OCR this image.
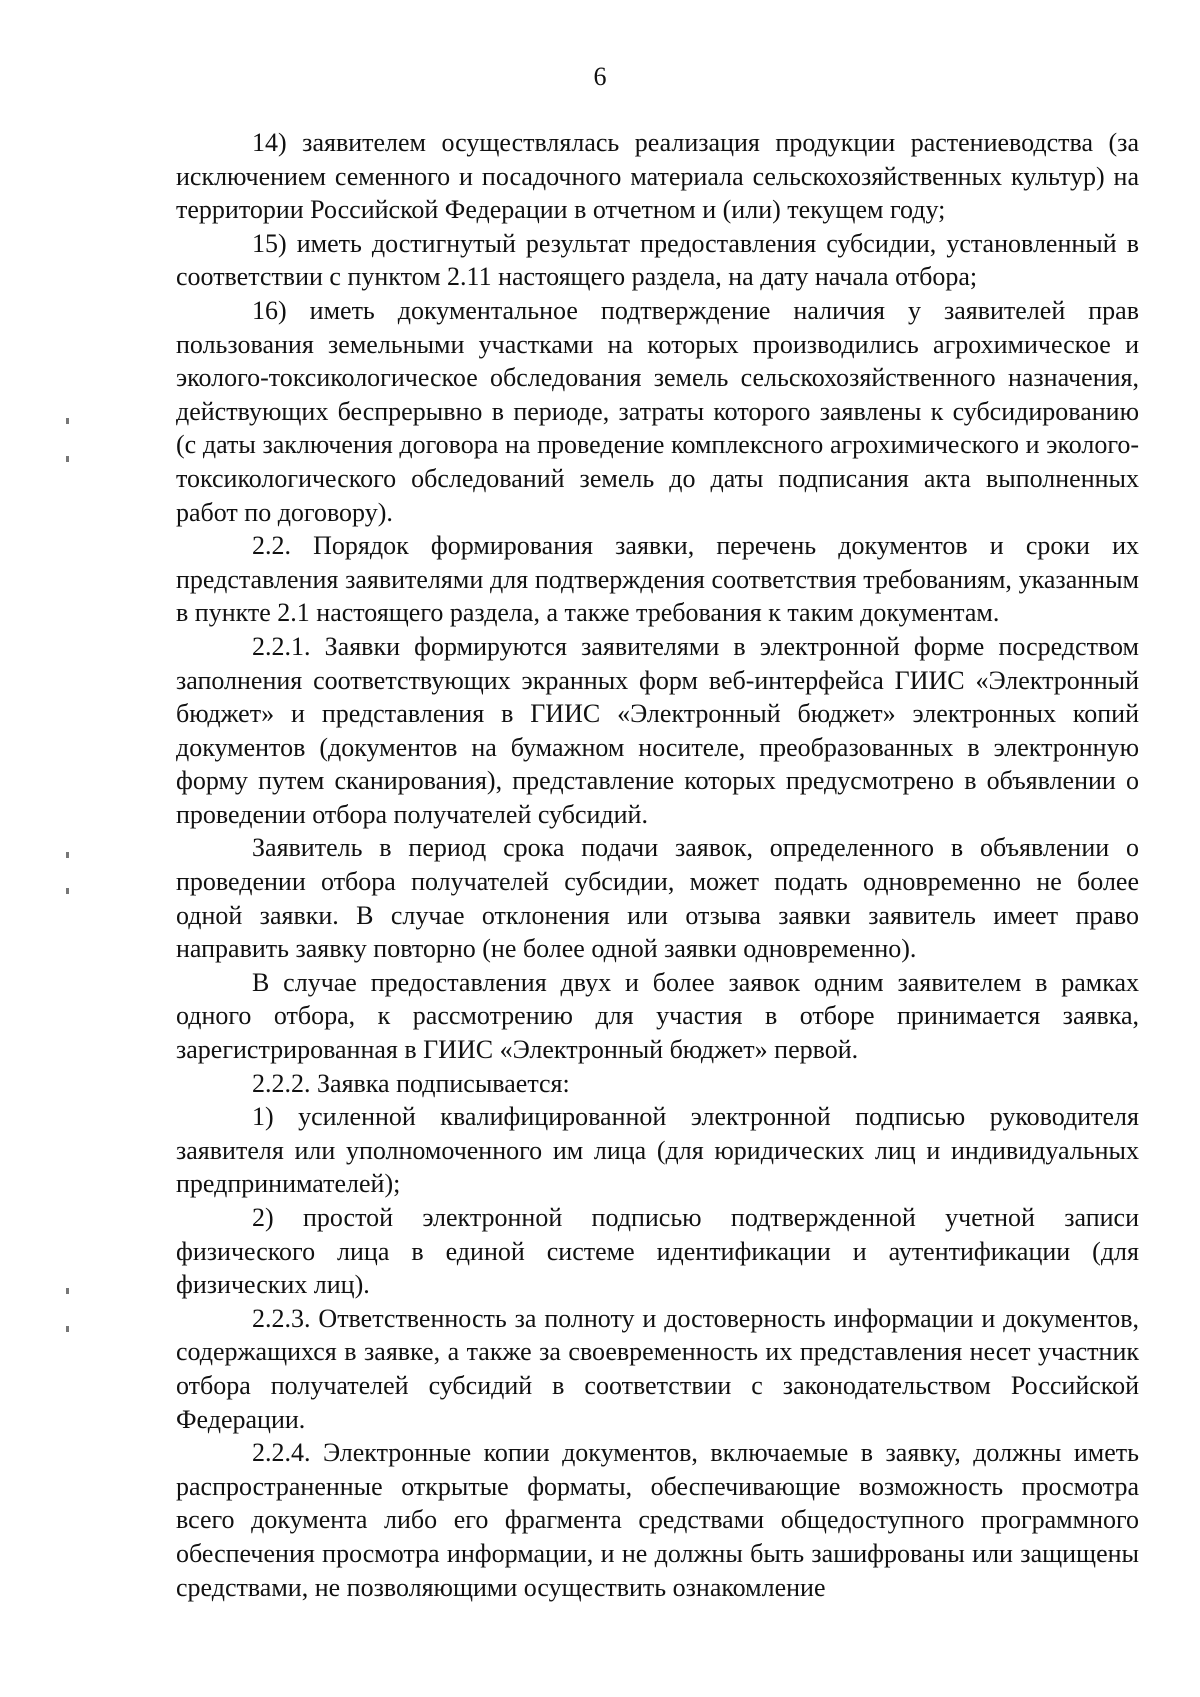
6

14) заявителем осуществлялась реализация продукции растениеводства (за исключением семенного и посадочного материала сельскохозяйственных культур) на территории Российской Федерации в отчетном и (или) текущем году;

15) иметь достигнутый результат предоставления субсидии, установленный в соответствии с пунктом 2.11 настоящего раздела, на дату начала отбора;

16) иметь документальное подтверждение наличия у заявителей прав пользования земельными участками на которых производились агрохимическое и эколого-токсикологическое обследования земель сельскохозяйственного назначения, действующих беспрерывно в периоде, затраты которого заявлены к субсидированию (с даты заключения договора на проведение комплексного агрохимического и эколого-токсикологического обследований земель до даты подписания акта выполненных работ по договору).

2.2. Порядок формирования заявки, перечень документов и сроки их представления заявителями для подтверждения соответствия требованиям, указанным в пункте 2.1 настоящего раздела, а также требования к таким документам.

2.2.1. Заявки формируются заявителями в электронной форме посредством заполнения соответствующих экранных форм веб-интерфейса ГИИС «Электронный бюджет» и представления в ГИИС «Электронный бюджет» электронных копий документов (документов на бумажном носителе, преобразованных в электронную форму путем сканирования), представление которых предусмотрено в объявлении о проведении отбора получателей субсидий.

Заявитель в период срока подачи заявок, определенного в объявлении о проведении отбора получателей субсидии, может подать одновременно не более одной заявки. В случае отклонения или отзыва заявки заявитель имеет право направить заявку повторно (не более одной заявки одновременно).

В случае предоставления двух и более заявок одним заявителем в рамках одного отбора, к рассмотрению для участия в отборе принимается заявка, зарегистрированная в ГИИС «Электронный бюджет» первой.

2.2.2. Заявка подписывается:

1) усиленной квалифицированной электронной подписью руководителя заявителя или уполномоченного им лица (для юридических лиц и индивидуальных предпринимателей);

2) простой электронной подписью подтвержденной учетной записи физического лица в единой системе идентификации и аутентификации (для физических лиц).

2.2.3. Ответственность за полноту и достоверность информации и документов, содержащихся в заявке, а также за своевременность их представления несет участник отбора получателей субсидий в соответствии с законодательством Российской Федерации.

2.2.4. Электронные копии документов, включаемые в заявку, должны иметь распространенные открытые форматы, обеспечивающие возможность просмотра всего документа либо его фрагмента средствами общедоступного программного обеспечения просмотра информации, и не должны быть зашифрованы или защищены средствами, не позволяющими осуществить ознакомление
